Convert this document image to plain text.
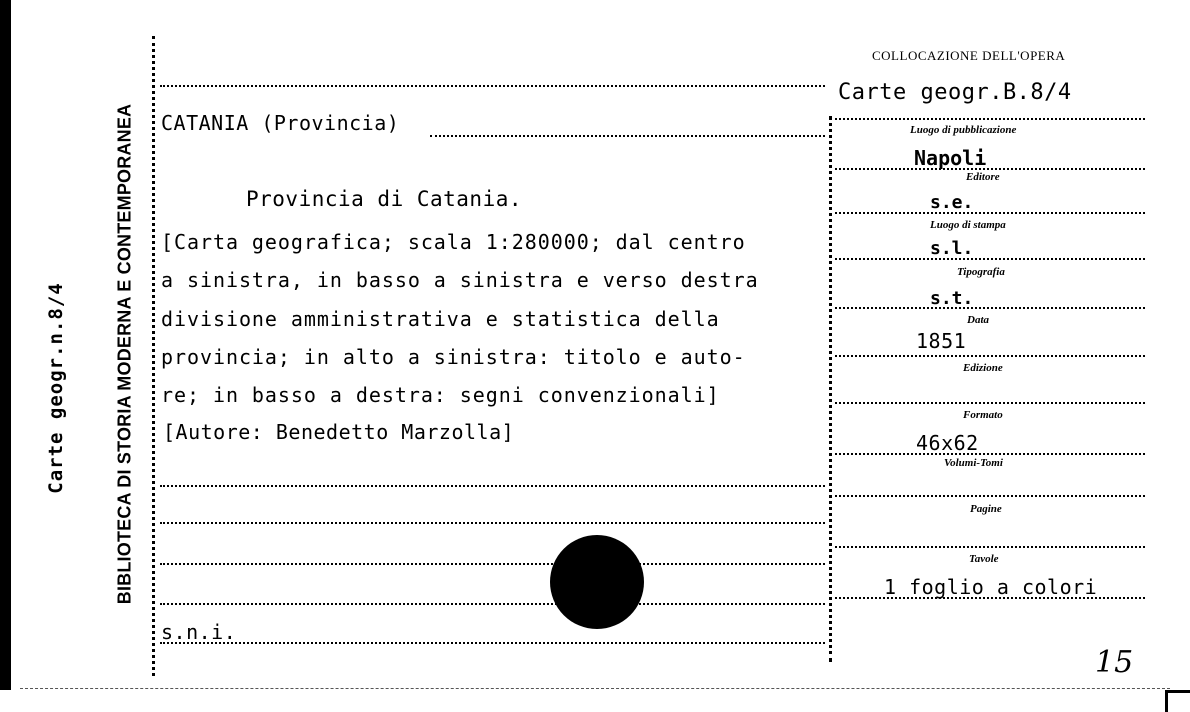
Carte geogr.n.8/4	BIBLIOTECA DI STORIA MODERNA E CONTEMPORANEA
COLLOCAZIONE DELL'OPERA
Carte geogr.B.8/4
CATANIA (Provincia)
Provincia di Catania.
[Carta geografica; scala 1:280000; dal centro
a sinistra, in basso a sinistra e verso destra
divisione amministrativa e statistica della
provincia; in alto a sinistra: titolo e auto-
re; in basso a destra: segni convenzionali]
[Autore: Benedetto Marzolla]
s.n.i.
Luogo di pubblicazione
Napoli
Editore
s.e.
Luogo di stampa
s.l.
Tipografia
s.t.
Data
1851
Edizione
Formato
46x62
Volumi-Tomi
Pagine
Tavole
1 foglio a colori
15
